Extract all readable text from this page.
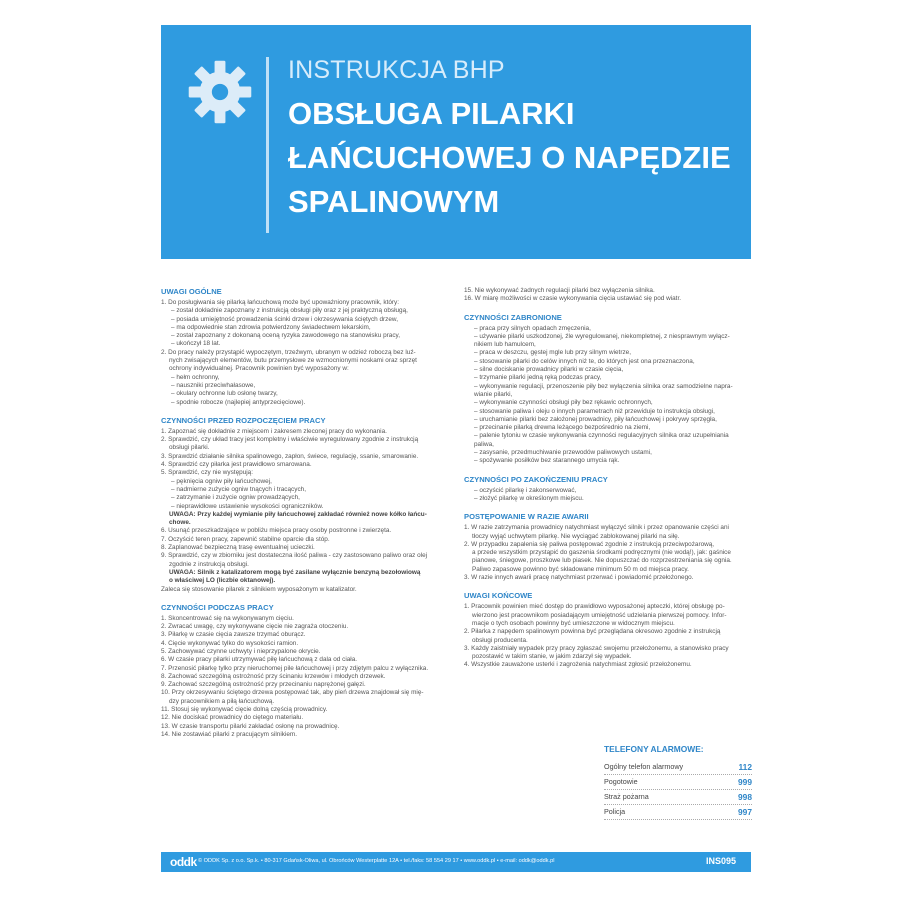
INSTRUKCJA BHP
OBSŁUGA PILARKI
ŁAŃCUCHOWEJ O NAPĘDZIE
SPALINOWYM
UWAGI OGÓLNE
1. Do posługiwania się pilarką łańcuchową może być upoważniony pracownik, który:
– został dokładnie zapoznany z instrukcją obsługi piły oraz z jej praktyczną obsługą,
– posiada umiejętność prowadzenia ścinki drzew i okrzesywania ściętych drzew,
– ma odpowiednie stan zdrowia potwierdzony świadectwem lekarskim,
– został zapoznany z dokonaną oceną ryzyka zawodowego na stanowisku pracy,
– ukończył 18 lat.
2. Do pracy należy przystąpić wypoczętym, trzeźwym, ubranym w odzież roboczą bez luź-
nych zwisających elementów, butu przemysłowe ze wzmocnionymi noskami oraz sprzęt
ochrony indywidualnej. Pracownik powinien być wyposażony w:
– hełm ochronny,
– nauszniki przeciwhałasowe,
– okulary ochronne lub osłonę twarzy,
– spodnie robocze (najlepiej antyprzecięciowe).
CZYNNOŚCI PRZED ROZPOCZĘCIEM PRACY
1. Zapoznać się dokładnie z miejscem i zakresem zleconej pracy do wykonania.
2. Sprawdzić, czy układ tracy jest kompletny i właściwie wyregulowany zgodnie z instrukcją
obsługi pilarki.
3. Sprawdzić działanie silnika spalinowego, zapłon, świece, regulację, ssanie, smarowanie.
4. Sprawdzić czy piłarka jest prawidłowo smarowana.
5. Sprawdzić, czy nie występują:
– pęknięcia ogniw piły łańcuchowej,
– nadmierne zużycie ogniw tnących i tracących,
– zatrzymanie i zużycie ogniw prowadzących,
– nieprawidłowe ustawienie wysokości ograniczników.
UWAGA: Przy każdej wymianie piły łańcuchowej zakładać również nowe kółko łańcu-
chowe.
6. Usunąć przeszkadzające w pobliżu miejsca pracy osoby postronne i zwierzęta.
7. Oczyścić teren pracy, zapewnić stabilne oparcie dla stóp.
8. Zaplanować bezpieczną trasę ewentualnej ucieczki.
9. Sprawdzić, czy w zbiorniku jest dostateczna ilość paliwa - czy zastosowano paliwo oraz olej
zgodnie z instrukcją obsługi.
UWAGA: Silnik z katalizatorem mogą być zasilane wyłącznie benzyną bezołowiową
o właściwej LO (liczbie oktanowej).
Zaleca się stosowanie pilarek z silnikiem wyposażonym w katalizator.
CZYNNOŚCI PODCZAS PRACY
1. Skoncentrować się na wykonywanym cięciu.
2. Zwracać uwagę, czy wykonywane cięcie nie zagraża otoczeniu.
3. Piłarkę w czasie cięcia zawsze trzymać oburącz.
4. Cięcie wykonywać tylko do wysokości ramion.
5. Zachowywać czynne uchwyty i nieprzypalone okrycie.
6. W czasie pracy pilarki utrzymywać piłę łańcuchową z dala od ciała.
7. Przenosić piłarkę tylko przy nieruchomej pile łańcuchowej i przy zdjętym palcu z wyłącznika.
8. Zachować szczególną ostrożność przy ścinaniu krzewów i młodych drzewek.
9. Zachować szczególną ostrożność przy przecinaniu naprężonej gałęzi.
10. Przy okrzesywaniu ściętego drzewa postępować tak, aby pień drzewa znajdował się mię-
dzy pracownikiem a piłą łańcuchową.
11. Stosuj się wykonywać cięcie dolną częścią prowadnicy.
12. Nie dociskać prowadnicy do ciętego materiału.
13. W czasie transportu pilarki zakładać osłonę na prowadnicę.
14. Nie zostawiać pilarki z pracującym silnikiem.
15. Nie wykonywać żadnych regulacji pilarki bez wyłączenia silnika.
16. W miarę możliwości w czasie wykonywania cięcia ustawiać się pod wiatr.
CZYNNOŚCI ZABRONIONE
– praca przy silnych opadach zmęczenia,
– używanie pilarki uszkodzonej, źle wyregulowanej, niekompletnej, z niesprawnym wyłącz-
nikiem lub hamulcem,
– praca w deszczu, gęstej mgle lub przy silnym wietrze,
– stosowanie pilarki do celów innych niż te, do których jest ona przeznaczona,
– silne dociskanie prowadnicy pilarki w czasie cięcia,
– trzymanie pilarki jedną ręką podczas pracy,
– wykonywanie regulacji, przenoszenie piły bez wyłączenia silnika oraz samodzielne napra-
wianie pilarki,
– wykonywanie czynności obsługi piły bez rękawic ochronnych,
– stosowanie paliwa i oleju o innych parametrach niż przewiduje to instrukcja obsługi,
– uruchamianie pilarki bez założonej prowadnicy, piły łańcuchowej i pokrywy sprzęgła,
– przecinanie pilarką drewna leżącego bezpośrednio na ziemi,
– palenie tytoniu w czasie wykonywania czynności regulacyjnych silnika oraz uzupełniania
paliwa,
– zasysanie, przedmuchiwanie przewodów paliwowych ustami,
– spożywanie posiłków bez starannego umycia rąk.
CZYNNOŚCI PO ZAKOŃCZENIU PRACY
– oczyścić pilarkę i zakonserwować,
– złożyć pilarkę w określonym miejscu.
POSTĘPOWANIE W RAZIE AWARII
1. W razie zatrzymania prowadnicy natychmiast wyłączyć silnik i przez opanowanie części ani
tłoczy wyjąć uchwytem pilarkę. Nie wyciągać zablokowanej pilarki na siłę.
2. W przypadku zapalenia się paliwa postępować zgodnie z instrukcją przeciwpożarową,
a przede wszystkim przystąpić do gaszenia środkami podręcznymi (nie wodą!), jak: gaśnice
pianowe, śniegowe, proszkowe lub piasek. Nie dopuszczać do rozprzestrzeniania się ognia.
Paliwo zapasowe powinno być składowane minimum 50 m od miejsca pracy.
3. W razie innych awarii pracę natychmiast przerwać i powiadomić przełożonego.
UWAGI KOŃCOWE
1. Pracownik powinien mieć dostęp do prawidłowo wyposażonej apteczki, której obsługę po-
wierzono jest pracownikom posiadającym umiejętność udzielania pierwszej pomocy. Infor-
macje o tych osobach powinny być umieszczone w widocznym miejscu.
2. Piłarka z napędem spalinowym powinna być przeglądana okresowo zgodnie z instrukcją
obsługi producenta.
3. Każdy zaistniały wypadek przy pracy zgłaszać swojemu przełożonemu, a stanowisko pracy
pozostawić w takim stanie, w jakim zdarzył się wypadek.
4. Wszystkie zauważone usterki i zagrożenia natychmiast zgłosić przełożonemu.
TELEFONY ALARMOWE:
Ogólny telefon alarmowy	112
Pogotowie	999
Straż pożarna	998
Policja	997
oddk © ODDK Sp. z o.o. Sp.k. • 80-317 Gdańsk-Oliwa, ul. Obrońców Westerplatte 12A • tel./faks: 58 554 29 17 • www.oddk.pl • e-mail: oddk@oddk.pl	INS095
